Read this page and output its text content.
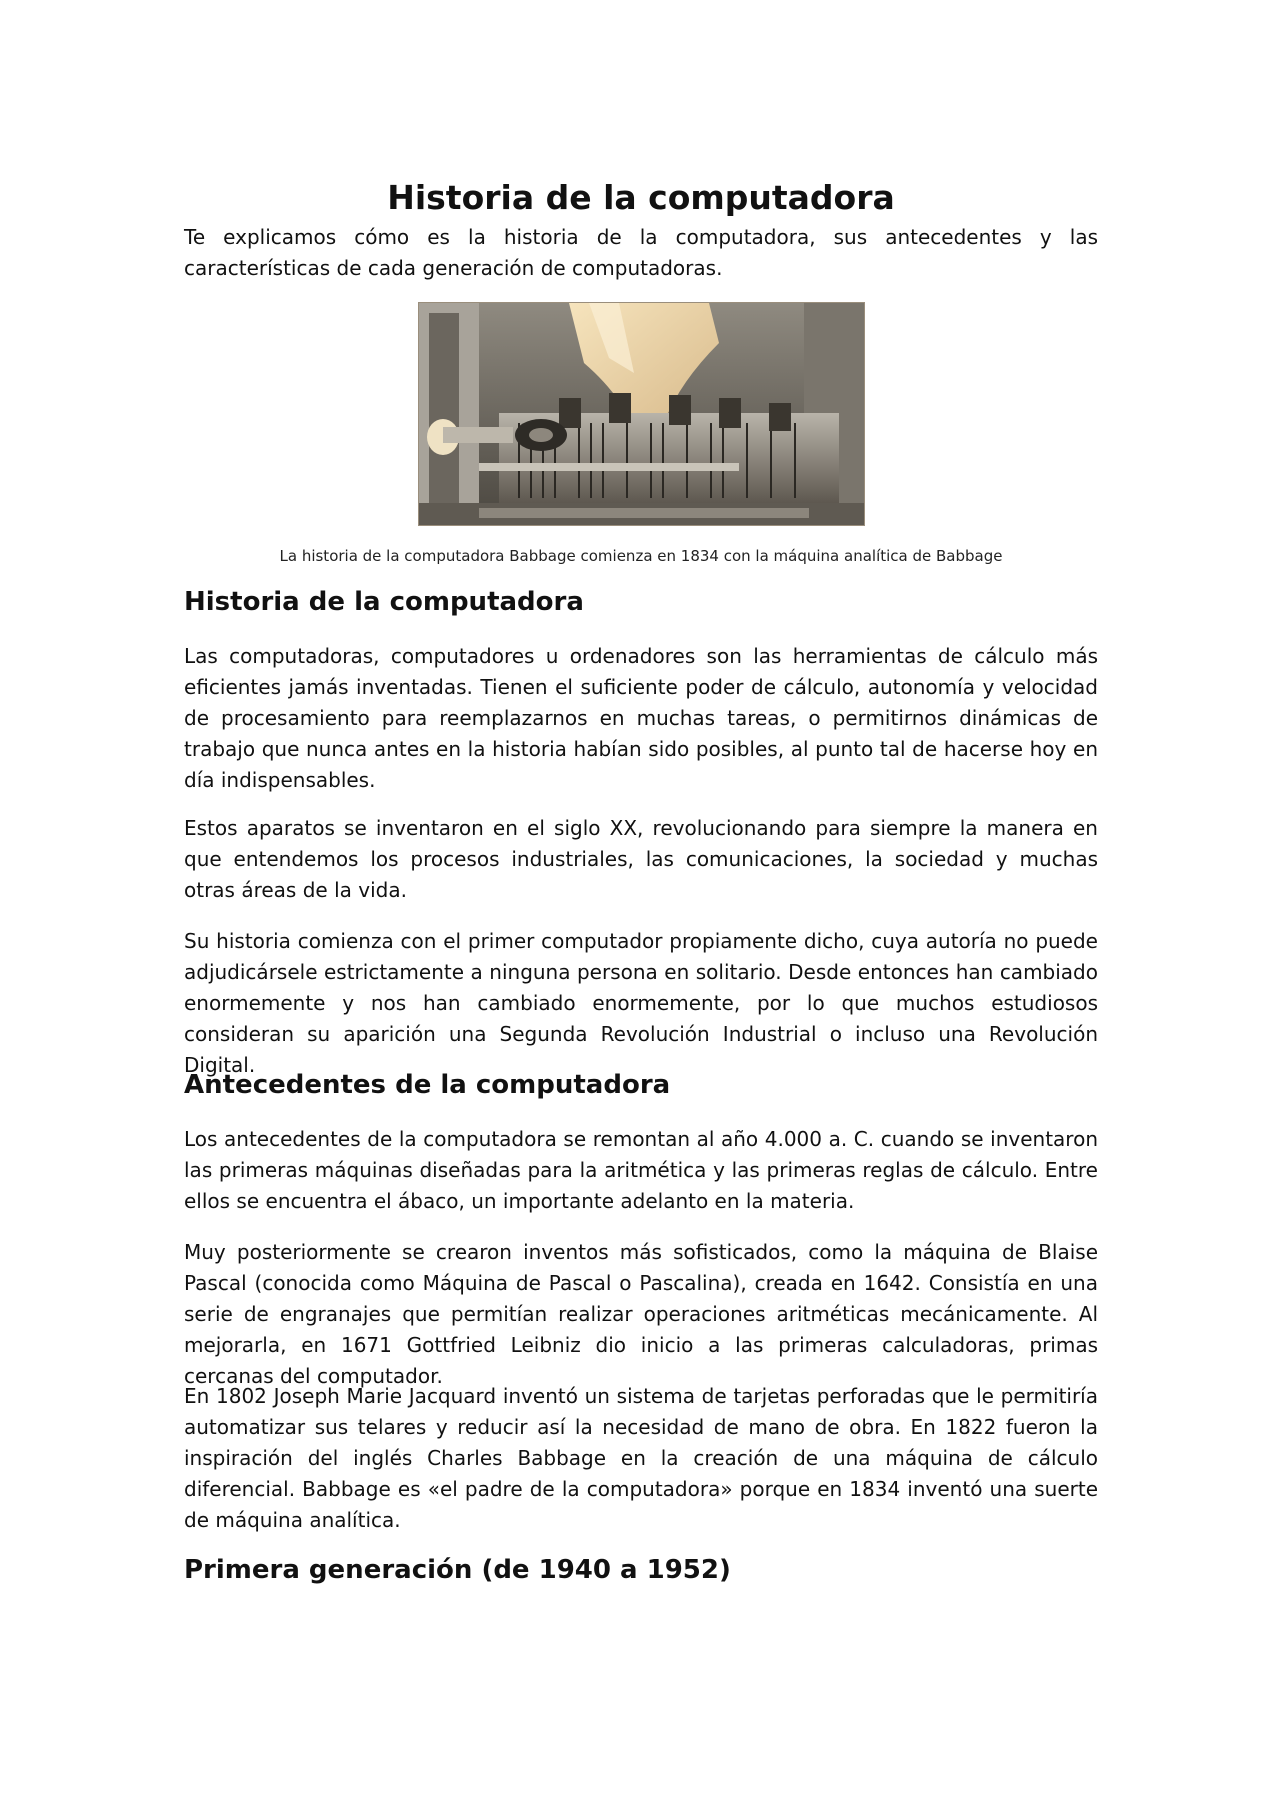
Historia de la computadora

Te explicamos cómo es la historia de la computadora, sus antecedentes y las características de cada generación de computadoras.

La historia de la computadora Babbage comienza en 1834 con la máquina analítica de Babbage
Historia de la computadora

Las computadoras, computadores u ordenadores son las herramientas de cálculo más eficientes jamás inventadas. Tienen el suficiente poder de cálculo, autonomía y velocidad de procesamiento para reemplazarnos en muchas tareas, o permitirnos dinámicas de trabajo que nunca antes en la historia habían sido posibles, al punto tal de hacerse hoy en día indispensables.

Estos aparatos se inventaron en el siglo XX, revolucionando para siempre la manera en que entendemos los procesos industriales, las comunicaciones, la sociedad y muchas otras áreas de la vida.

Su historia comienza con el primer computador propiamente dicho, cuya autoría no puede adjudicársele estrictamente a ninguna persona en solitario. Desde entonces han cambiado enormemente y nos han cambiado enormemente, por lo que muchos estudiosos consideran su aparición una Segunda Revolución Industrial o incluso una Revolución Digital.

Antecedentes de la computadora

Los antecedentes de la computadora se remontan al año 4.000 a. C. cuando se inventaron las primeras máquinas diseñadas para la aritmética y las primeras reglas de cálculo. Entre ellos se encuentra el ábaco, un importante adelanto en la materia.

Muy posteriormente se crearon inventos más sofisticados, como la máquina de Blaise Pascal (conocida como Máquina de Pascal o Pascalina), creada en 1642. Consistía en una serie de engranajes que permitían realizar operaciones aritméticas mecánicamente. Al mejorarla, en 1671 Gottfried Leibniz dio inicio a las primeras calculadoras, primas cercanas del computador.

En 1802 Joseph Marie Jacquard inventó un sistema de tarjetas perforadas que le permitiría automatizar sus telares y reducir así la necesidad de mano de obra. En 1822 fueron la inspiración del inglés Charles Babbage en la creación de una máquina de cálculo diferencial. Babbage es «el padre de la computadora» porque en 1834 inventó una suerte de máquina analítica.

Primera generación (de 1940 a 1952)
